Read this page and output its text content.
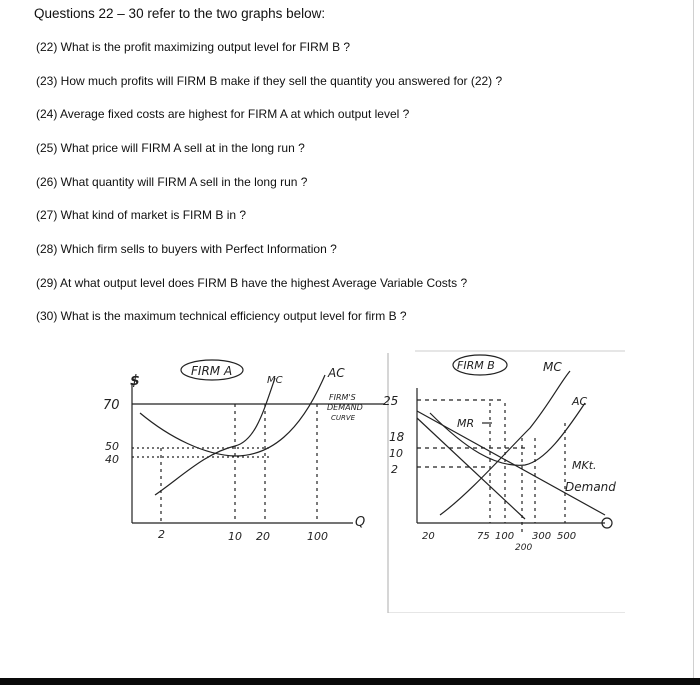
Questions 22 – 30 refer to the two graphs below:
(22) What is the profit maximizing output level for FIRM B ?
(23) How much profits will FIRM B make if they sell the quantity you answered for (22) ?
(24) Average fixed costs are highest for FIRM A at which output level ?
(25) What price will FIRM A sell at in the long run ?
(26) What quantity will FIRM A sell in the long run ?
(27) What kind of market is FIRM B in ?
(28) Which firm sells to buyers with Perfect Information ?
(29) At what output level does FIRM B have the highest Average Variable Costs ?
(30) What is the maximum technical efficiency output level for firm B ?
FIRM A
$	MC
AC
FIRM'S
DEMAND
CURVE
70
50
40
2	10 20	100
Q
FIRM B	MC
AC
MR
MKt.
Demand
25
18
10
2
20	75 100
200
300 500
